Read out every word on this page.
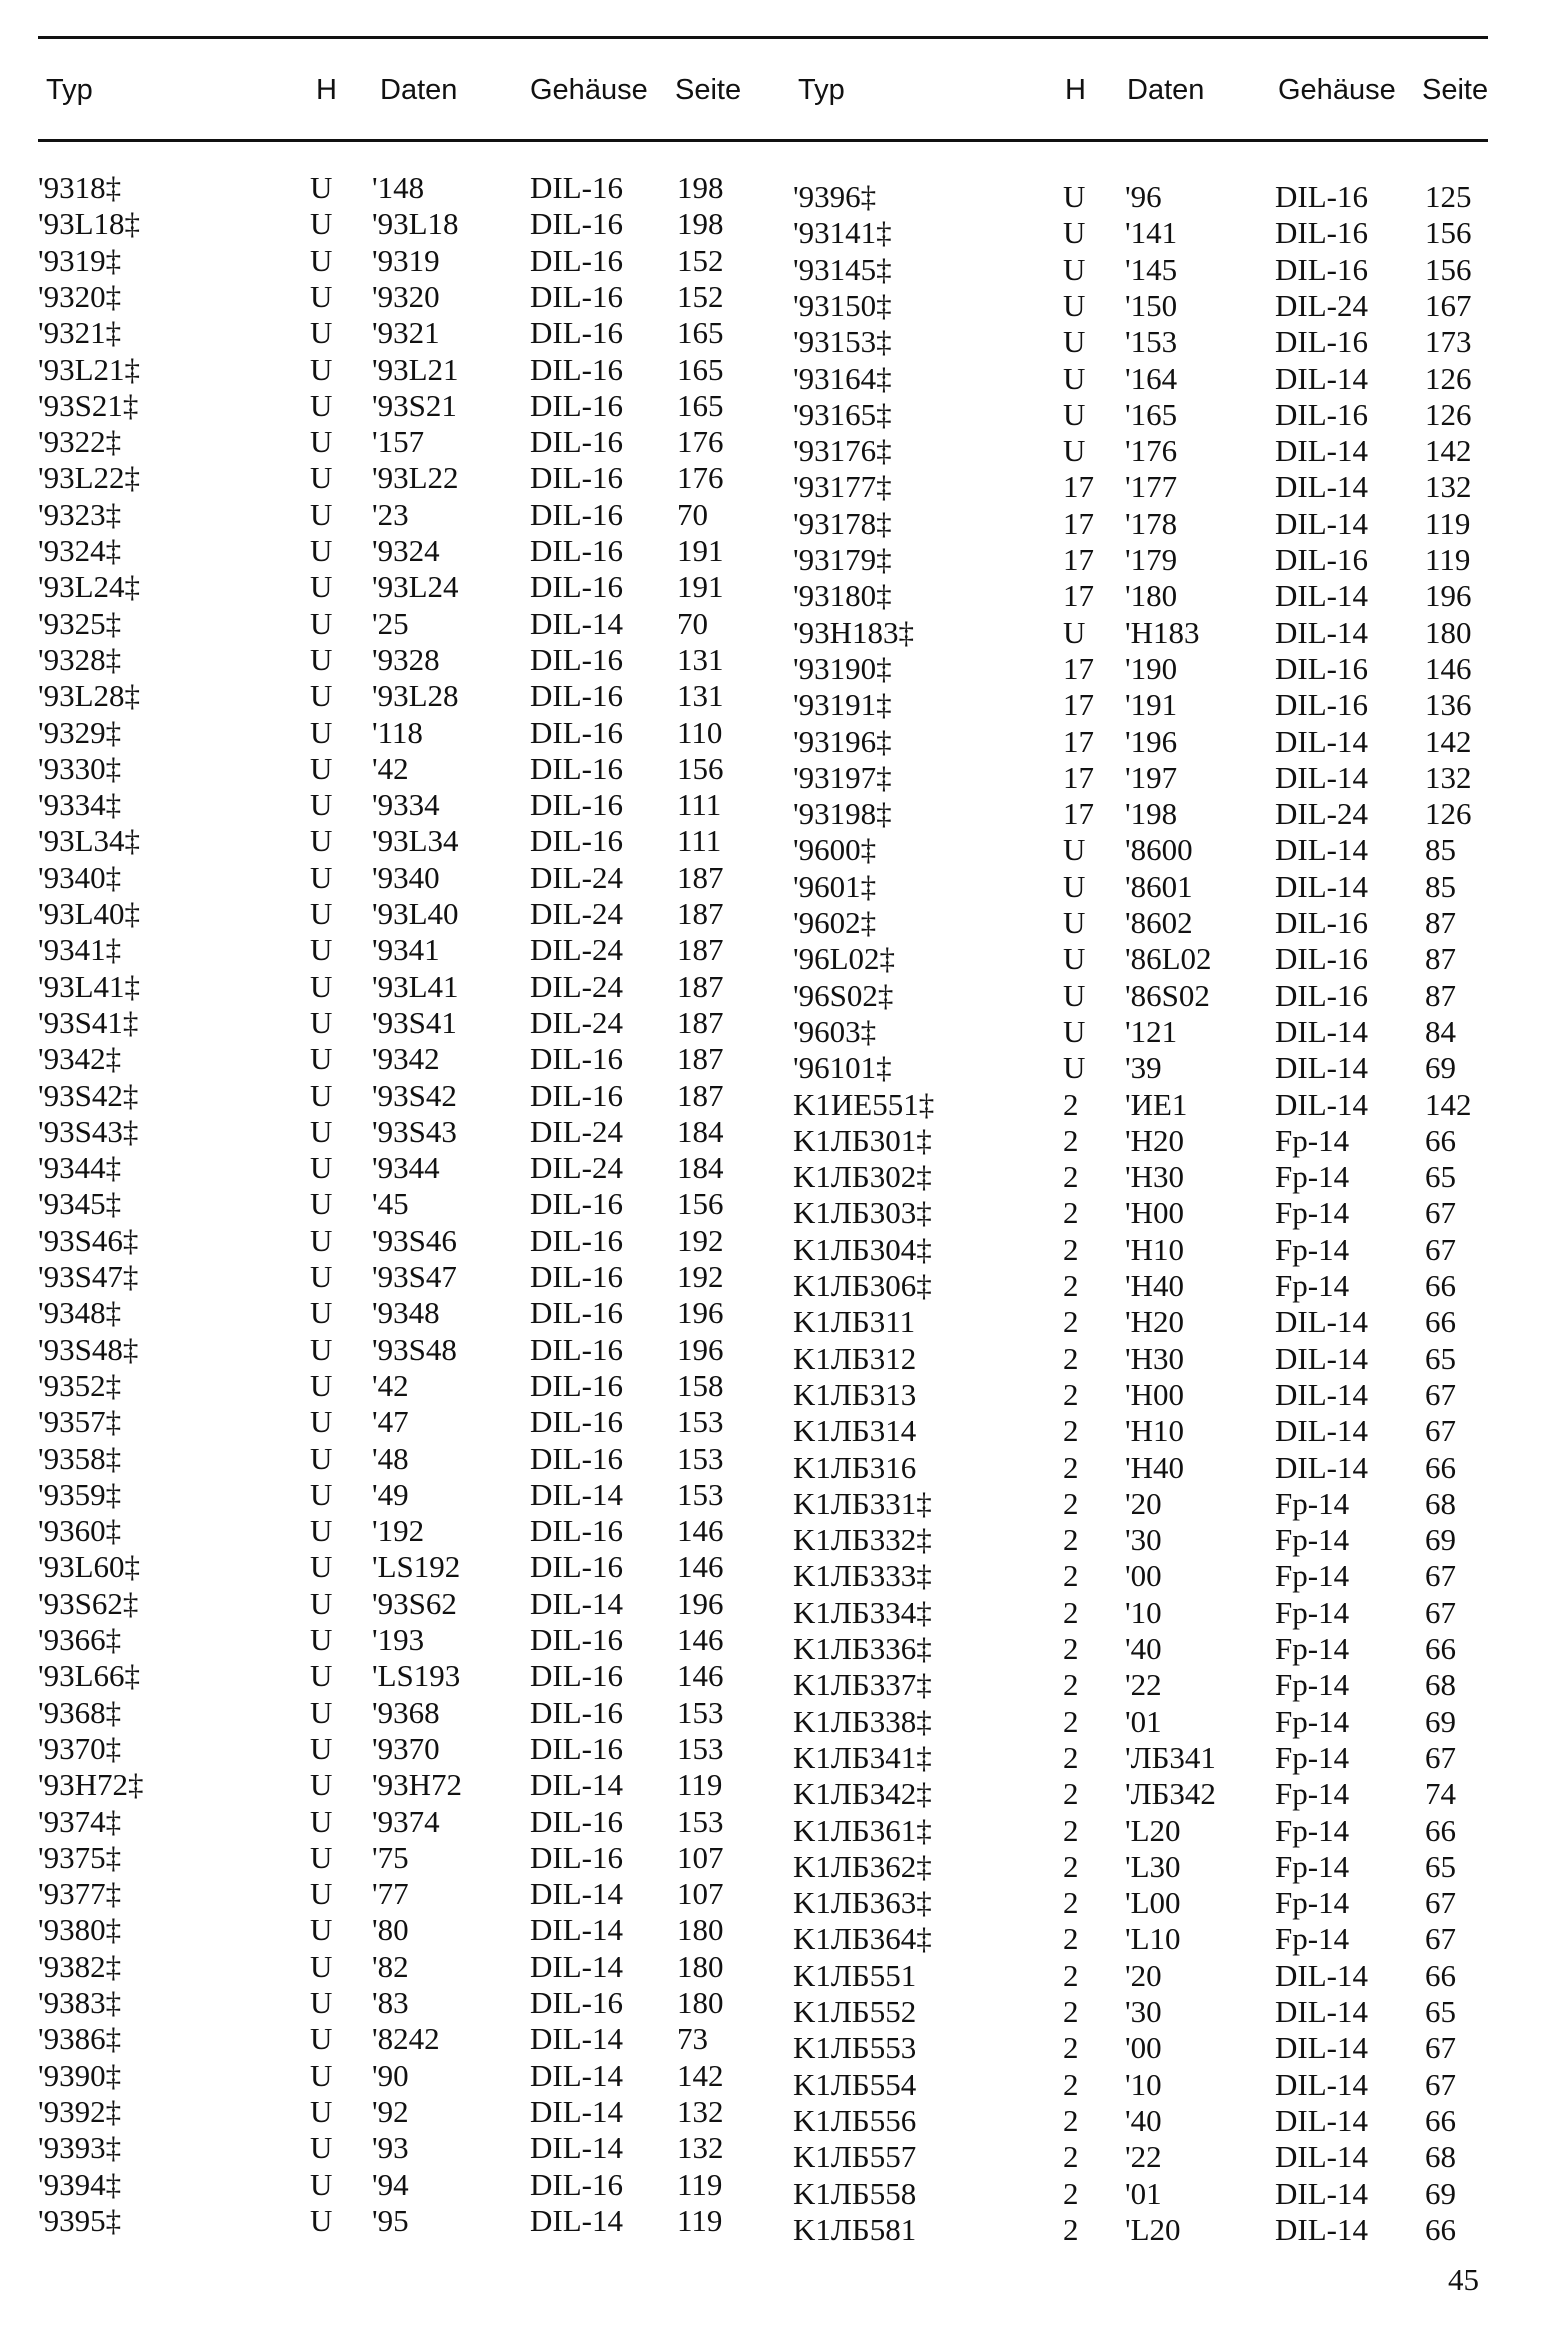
Typ	H Daten	Gehäuse Seite Typ	H Daten	Gehäuse Seite
'9318‡	U '148	DIL-16 198
'93L18‡	U '93L18 DIL-16 198
'9319‡	U '9319	DIL-16 152
'9320‡	U '9320	DIL-16 152
'9321‡	U '9321	DIL-16 165
'93L21‡	U '93L21 DIL-16 165
'93S21‡	U '93S21 DIL-16 165
'9322‡	U '157	DIL-16 176
'93L22‡	U '93L22 DIL-16 176
'9323‡	U '23	DIL-16 70
'9324‡	U '9324	DIL-16 191
'93L24‡	U '93L24 DIL-16 191
'9325‡	U '25	DIL-14 70
'9328‡	U '9328	DIL-16 131
'93L28‡	U '93L28 DIL-16 131
'9329‡	U '118	DIL-16 110
'9330‡	U '42	DIL-16 156
'9334‡	U '9334	DIL-16 111
'93L34‡	U '93L34 DIL-16 111
'9340‡	U '9340	DIL-24 187
'93L40‡	U '93L40 DIL-24 187
'9341‡	U '9341	DIL-24 187
'93L41‡	U '93L41 DIL-24 187
'93S41‡	U '93S41 DIL-24 187
'9342‡	U '9342	DIL-16 187
'93S42‡	U '93S42 DIL-16 187
'93S43‡	U '93S43 DIL-24 184
'9344‡	U '9344	DIL-24 184
'9345‡	U '45	DIL-16 156
'93S46‡	U '93S46 DIL-16 192
'93S47‡	U '93S47 DIL-16 192
'9348‡	U '9348	DIL-16 196
'93S48‡	U '93S48 DIL-16 196
'9352‡	U '42	DIL-16 158
'9357‡	U '47	DIL-16 153
'9358‡	U '48	DIL-16 153
'9359‡	U '49	DIL-14 153
'9360‡	U '192	DIL-16 146
'93L60‡	U 'LS192 DIL-16 146
'93S62‡	U '93S62 DIL-14 196
'9366‡	U '193	DIL-16 146
'93L66‡	U 'LS193 DIL-16 146
'9368‡	U '9368	DIL-16 153
'9370‡	U '9370	DIL-16 153
'93H72‡	U '93H72 DIL-14 119
'9374‡	U '9374	DIL-16 153
'9375‡	U '75	DIL-16 107
'9377‡	U '77	DIL-14 107
'9380‡	U '80	DIL-14 180
'9382‡	U '82	DIL-14 180
'9383‡	U '83	DIL-16 180
'9386‡	U '8242	DIL-14 73
'9390‡	U '90	DIL-14 142
'9392‡	U '92	DIL-14 132
'9393‡	U '93	DIL-14 132
'9394‡	U '94	DIL-16 119
'9395‡	U '95	DIL-14 119
'9396‡	U '96	DIL-16 125
'93141‡	U '141	DIL-16 156
'93145‡	U '145	DIL-16 156
'93150‡	U '150	DIL-24 167
'93153‡	U '153	DIL-16 173
'93164‡	U '164	DIL-14 126
'93165‡	U '165	DIL-16 126
'93176‡	U '176	DIL-14 142
'93177‡	17 '177	DIL-14 132
'93178‡	17 '178	DIL-14 119
'93179‡	17 '179	DIL-16 119
'93180‡	17 '180	DIL-14 196
'93H183‡	U 'H183 DIL-14 180
'93190‡	17 '190	DIL-16 146
'93191‡	17 '191	DIL-16 136
'93196‡	17 '196	DIL-14 142
'93197‡	17 '197	DIL-14 132
'93198‡	17 '198	DIL-24 126
'9600‡	U '8600	DIL-14 85
'9601‡	U '8601	DIL-14 85
'9602‡	U '8602	DIL-16 87
'96L02‡	U '86L02 DIL-16 87
'96S02‡	U '86S02 DIL-16 87
'9603‡	U '121	DIL-14 84
'96101‡	U '39	DIL-14 69
K1ИЕ551‡	2 'ИЕ1	DIL-14 142
K1ЛБ301‡	2 'H20	Fp-14 66
K1ЛБ302‡	2 'H30	Fp-14 65
K1ЛБ303‡	2 'H00	Fp-14 67
K1ЛБ304‡	2 'H10	Fp-14 67
K1ЛБ306‡	2 'H40	Fp-14 66
K1ЛБ311	2 'H20	DIL-14 66
K1ЛБ312	2 'H30	DIL-14 65
K1ЛБ313	2 'H00	DIL-14 67
K1ЛБ314	2 'H10	DIL-14 67
K1ЛБ316	2 'H40	DIL-14 66
K1ЛБ331‡	2 '20	Fp-14 68
K1ЛБ332‡	2 '30	Fp-14 69
K1ЛБ333‡	2 '00	Fp-14 67
K1ЛБ334‡	2 '10	Fp-14 67
K1ЛБ336‡	2 '40	Fp-14 66
K1ЛБ337‡	2 '22	Fp-14 68
K1ЛБ338‡	2 '01	Fp-14 69
K1ЛБ341‡	2 'ЛБ341 Fp-14 67
K1ЛБ342‡	2 'ЛБ342 Fp-14 74
K1ЛБ361‡	2 'L20	Fp-14 66
K1ЛБ362‡	2 'L30	Fp-14 65
K1ЛБ363‡	2 'L00	Fp-14 67
K1ЛБ364‡	2 'L10	Fp-14 67
K1ЛБ551	2 '20	DIL-14 66
K1ЛБ552	2 '30	DIL-14 65
K1ЛБ553	2 '00	DIL-14 67
K1ЛБ554	2 '10	DIL-14 67
K1ЛБ556	2 '40	DIL-14 66
K1ЛБ557	2 '22	DIL-14 68
K1ЛБ558	2 '01	DIL-14 69
K1ЛБ581	2 'L20	DIL-14 66
45
